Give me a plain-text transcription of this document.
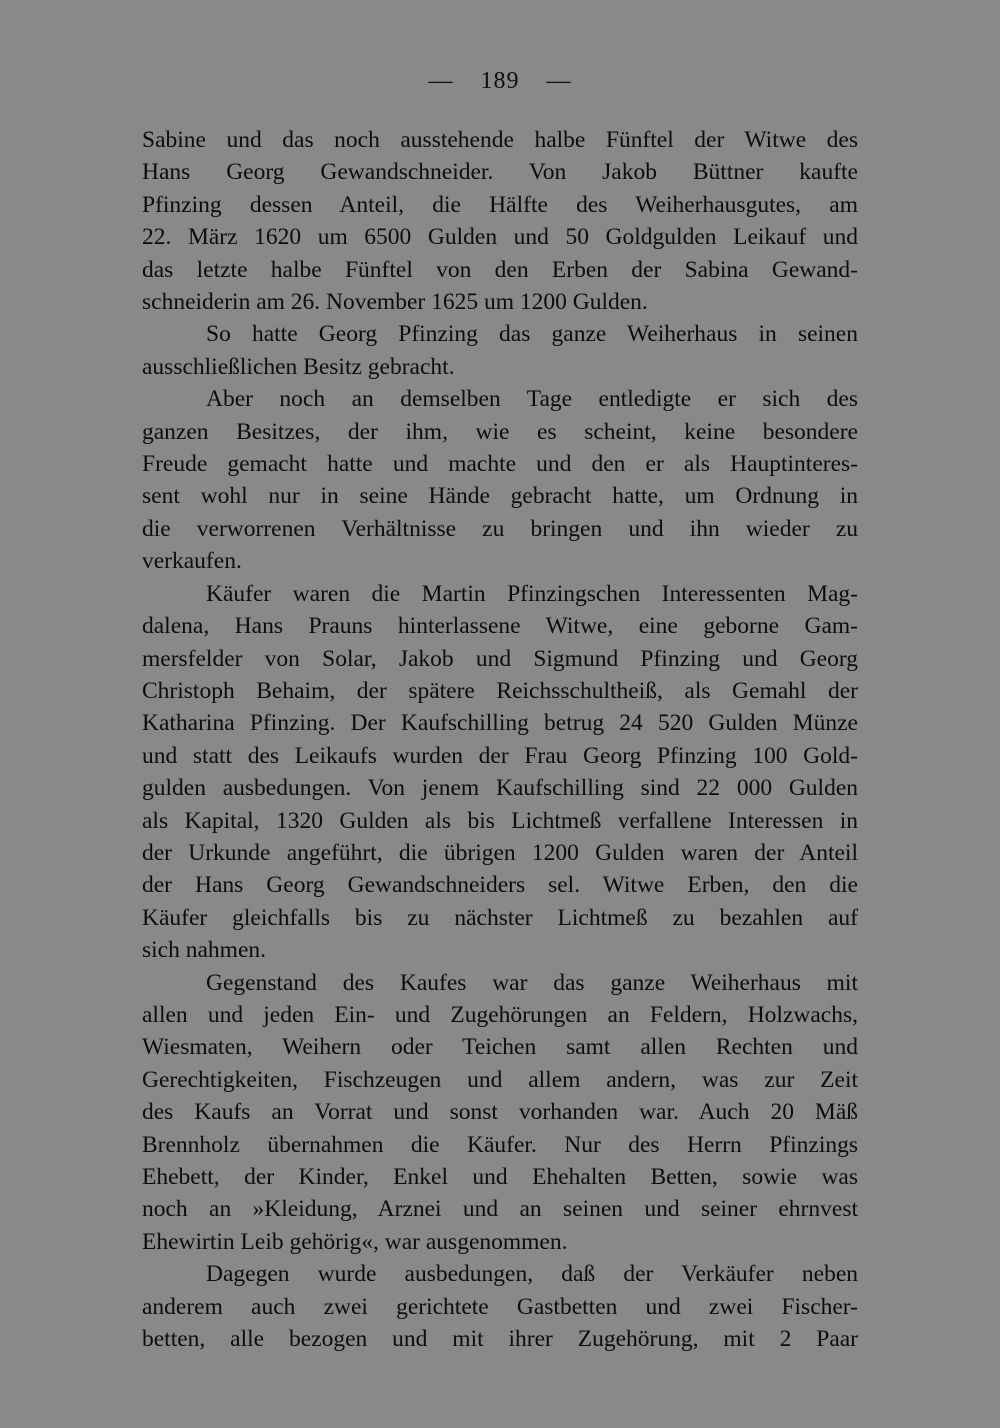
— 189 —

Sabine und das noch ausstehende halbe Fünftel der Witwe des
Hans Georg Gewandschneider. Von Jakob Büttner kaufte
Pfinzing dessen Anteil, die Hälfte des Weiherhausgutes, am
22. März 1620 um 6500 Gulden und 50 Goldgulden Leikauf und
das letzte halbe Fünftel von den Erben der Sabina Gewand-
schneiderin am 26. November 1625 um 1200 Gulden.

So hatte Georg Pfinzing das ganze Weiherhaus in seinen
ausschließlichen Besitz gebracht.

Aber noch an demselben Tage entledigte er sich des
ganzen Besitzes, der ihm, wie es scheint, keine besondere
Freude gemacht hatte und machte und den er als Hauptinteres-
sent wohl nur in seine Hände gebracht hatte, um Ordnung in
die verworrenen Verhältnisse zu bringen und ihn wieder zu
verkaufen.

Käufer waren die Martin Pfinzingschen Interessenten Mag-
dalena, Hans Prauns hinterlassene Witwe, eine geborne Gam-
mersfelder von Solar, Jakob und Sigmund Pfinzing und Georg
Christoph Behaim, der spätere Reichsschultheiß, als Gemahl der
Katharina Pfinzing. Der Kaufschilling betrug 24 520 Gulden Münze
und statt des Leikaufs wurden der Frau Georg Pfinzing 100 Gold-
gulden ausbedungen. Von jenem Kaufschilling sind 22 000 Gulden
als Kapital, 1320 Gulden als bis Lichtmeß verfallene Interessen in
der Urkunde angeführt, die übrigen 1200 Gulden waren der Anteil
der Hans Georg Gewandschneiders sel. Witwe Erben, den die
Käufer gleichfalls bis zu nächster Lichtmeß zu bezahlen auf
sich nahmen.

Gegenstand des Kaufes war das ganze Weiherhaus mit
allen und jeden Ein- und Zugehörungen an Feldern, Holzwachs,
Wiesmaten, Weihern oder Teichen samt allen Rechten und
Gerechtigkeiten, Fischzeugen und allem andern, was zur Zeit
des Kaufs an Vorrat und sonst vorhanden war. Auch 20 Mäß
Brennholz übernahmen die Käufer. Nur des Herrn Pfinzings
Ehebett, der Kinder, Enkel und Ehehalten Betten, sowie was
noch an »Kleidung, Arznei und an seinen und seiner ehrnvest
Ehewirtin Leib gehörig«, war ausgenommen.

Dagegen wurde ausbedungen, daß der Verkäufer neben
anderem auch zwei gerichtete Gastbetten und zwei Fischer-
betten, alle bezogen und mit ihrer Zugehörung, mit 2 Paar
